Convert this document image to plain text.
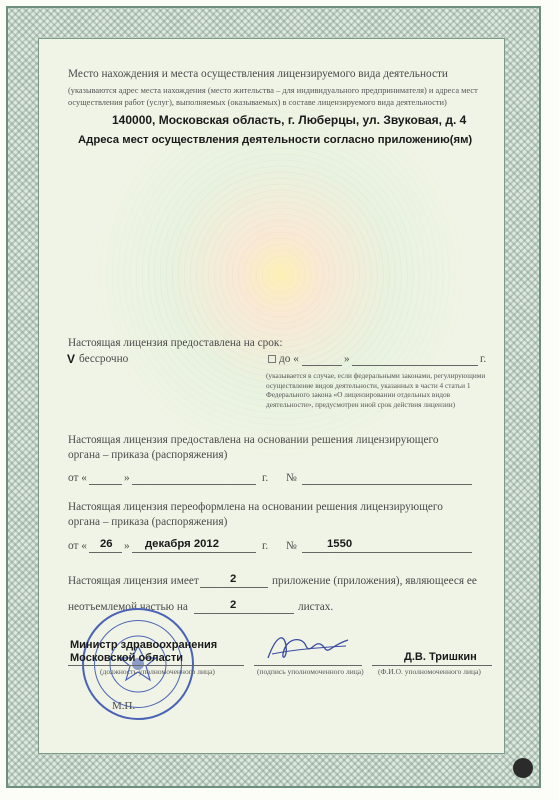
Место нахождения и места осуществления лицензируемого вида деятельности
(указываются адрес места нахождения (место жительства – для индивидуального предпринимателя) и адреса мест
осуществления работ (услуг), выполняемых (оказываемых) в составе лицензируемого вида деятельности)
140000, Московская область, г. Люберцы, ул. Звуковая, д. 4
Адреса мест осуществления деятельности согласно приложению(ям)
Настоящая лицензия предоставлена на срок:
V бессрочно	до «	»	г.
(указывается в случае, если федеральными законами, регулирующими осуществление видов деятельности, указанных в части 4 статьи 1 Федерального закона «О лицензировании отдельных видов деятельности», предусмотрен иной срок действия лицензии)
Настоящая лицензия предоставлена на основании решения лицензирующего
органа – приказа (распоряжения)
от «	»	г. №
Настоящая лицензия переоформлена на основании решения лицензирующего
органа – приказа (распоряжения)
от « 26 » декабря 2012	г. №	1550
Настоящая лицензия имеет	2	приложение (приложения), являющееся ее
неотъемлемой частью на	2	листах.
Министр здравоохранения
Московской области
(должность уполномоченного лица)	(подпись уполномоченного лица)
Д.В. Тришкин
(Ф.И.О. уполномоченного лица)
М.П.
